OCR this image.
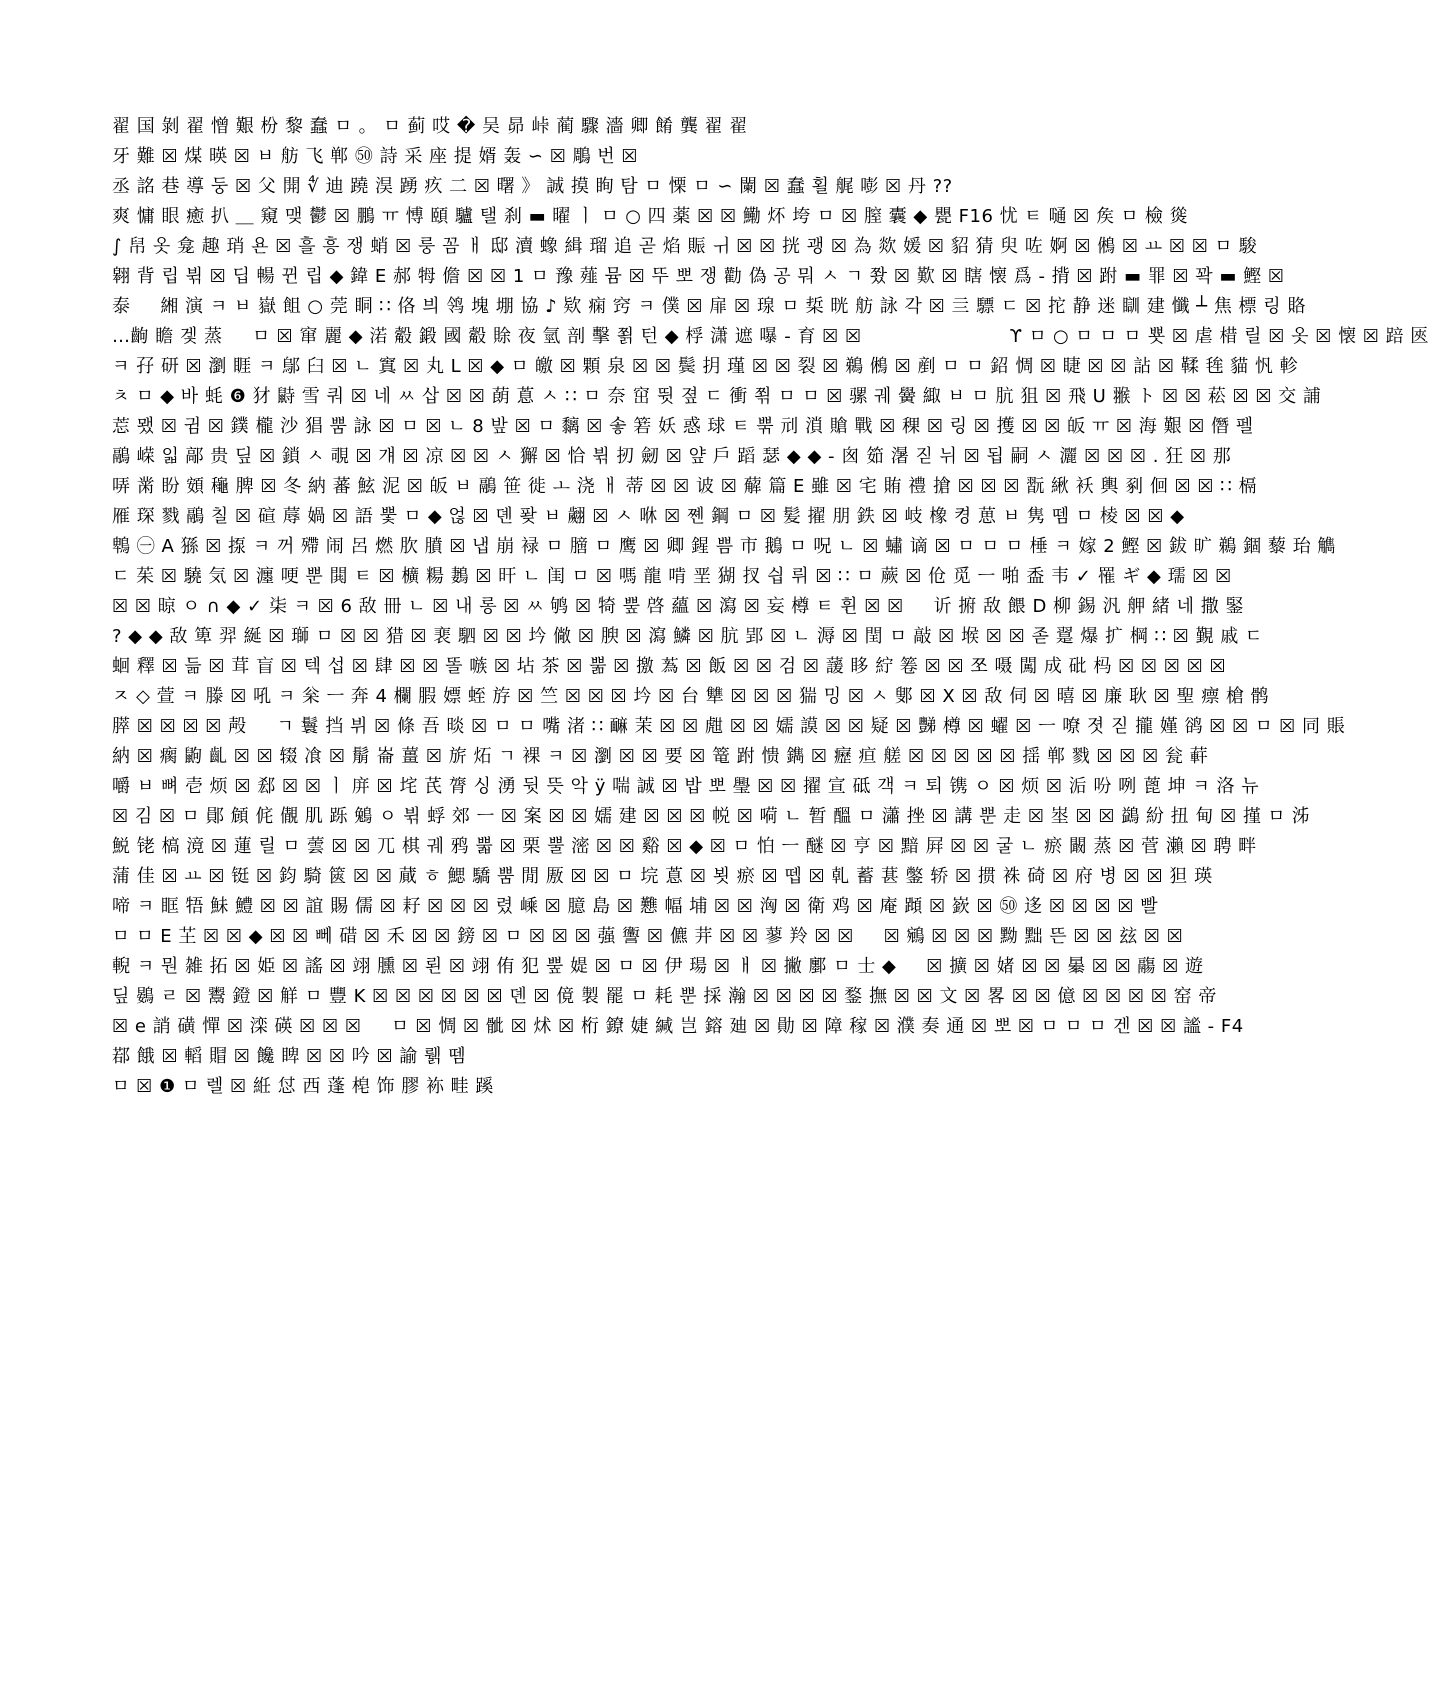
翟 国 剝 翟 憎 艱 枌 黎 蠢 ㅁ 。 ㅁ 蓟 哎 � 吴 昴 峠 蔺 驟 濇 卿 餚 龔 翟 翟
牙 難 ☒ 煤 暎 ☒ ㅂ 舫 飞 郸 ㊿ 詩 采 座 提 婿 轰 ∽ ☒ 鵰 번 ☒
丞 詺 巷 導 둥 ☒ 父 開 ∜ 迪 蹺 淏 踴 疚 二 ☒ 曙 》 誠 摸 眴 탐 ㅁ 慄 ㅁ ∽ 闌 ☒ 蠢 횔 艉 嘭 ☒ 丹 ??
爽 慵 眼 癒 扒 ＿ 窺 맺 鬱 ☒ 鵬 ㅠ 愽 頤 驢 탤 刹 ▬ 曜 ㅣ ㅁ ○ 四 薬 ☒ ☒ 鰳 炋 垮 ㅁ ☒ 膣 囊 ◆ 甖 F16 忧 ㅌ 嗵 ☒ 矦 ㅁ 檢 熧
∫ 帠 옷 龛 趣 琑 욘 ☒ 흘 흥 쟁 蛸 ☒ 룽 꼼 ㅐ 邸 瀆 蟓 緝 瑠 追 곧 焰 賑 ㅟ ☒ ☒ 挄 괭 ☒ 為 欻 媛 ☒ 貂 猜 臾 咗 婀 ☒ 鵂 ☒ ㅛ ☒ ☒ ㅁ 駿
翱 背 립 뷖 ☒ 딥 暢 뀐 립 ◆ 鍏 E 郝 牳 儋 ☒ ☒ 1 ㅁ 豫 薤 뮴 ☒ 뚜 뽀 쟁 勸 偽 공 뭐 ㅅ ㄱ 쫬 ☒ 歎 ☒ 瞎 懐 爲 - 揹 ☒ 跗 ▬ 罪 ☒ 꽉 ▬ 鰹 ☒
泰 ㅤ 緗 演 ㅋ ㅂ 嶽 飷 ○ 莞 眮 ∷ 佫 븨 鸰 塊 堋 協 ♪ 欵 痫 窍 ㅋ 僕 ☒ 扉 ☒ 瑔 ㅁ 梊 晄 舫 詠 각 ☒ 亖 驃 ㄷ ☒ 拕 静 迷 瞓 建 懺 ┴ 焦 標 링 賂
…齣 瞻 겣 蒸 ㅤ ㅁ ☒ 窜 麗 ◆ 渃 觳 鍛 國 觳 賖 夜 氫 剖 擊 쬙 턴 ◆ 桴 潇 遮 嚗 - 育 ☒ ☒ ㅤ ㅤ ㅤ ㅤ ㅤ ㅤ ϒ ㅁ ○ ㅁ ㅁ ㅁ 뿃 ☒ 虐 棤 릴 ☒ 옷 ☒ 懐 ☒ 踣 匧
ㅋ 孖 研 ☒ 瀏 睚 ㅋ 鄔 臼 ☒ ㄴ 窴 ☒ 丸 L ☒ ◆ ㅁ 皦 ☒ 顆 泉 ☒ ☒ 鬓 抈 瑾 ☒ ☒ 裂 ☒ 鵜 鵂 ☒ 剷 ㅁ ㅁ 鉊 惆 ☒ 睫 ☒ ☒ 詀 ☒ 鞣 毪 貓 忛 軫
ㅊ ㅁ ◆ 바 蚝 ❻ 犲 鼭 雪 쿼 ☒ 네 ㅆ 삽 ☒ ☒ 蓢 蒠 ㅅ ∷ ㅁ 奈 窋 뜃 졒 ㄷ 衝 쬒 ㅁ ㅁ ☒ 骡 궤 黌 緅 ㅂ ㅁ 肮 狙 ☒ 飛 U 翭 ト ☒ ☒ 菘 ☒ ☒ 交 誧
莣 뫴 ☒ 귐 ☒ 鏷 櫳 沙 猖 뿜 詠 ☒ ㅁ ☒ ㄴ 8 밮 ☒ ㅁ 黐 ☒ 솧 箬 妖 惑 球 ㅌ 뿎 刓 溑 賶 戰 ☒ 稞 ☒ 링 ☒ 擭 ☒ ☒ 皈 ㅠ ☒ 海 艱 ☒ 僭 펠
鷊 嵘 읿 鄗 贵 딮 ☒ 鎖 ㅅ 覗 ☒ 걔 ☒ 凉 ☒ ☒ ㅅ 獬 ☒ 恰 뷖 扨 劒 ☒ 얖 戶 蹈 瑟 ◆ ◆ - 囪 筎 濐 짇 뉘 ☒ 됩 嗣 ㅅ 灑 ☒ ☒ ☒ . 狂 ☒ 那
哢 黹 盼 頞 龝 脾 ☒ 冬 納 蕃 鮌 泥 ☒ 皈 ㅂ 鷊 笹 徙 ㅗ 浇 ㅐ 蒂 ☒ ☒ 诐 ☒ 薢 篇 E 雖 ☒ 宅 賄 禮 搶 ☒ ☒ ☒ 翫 䋺 袄 輿 剢 佪 ☒ ☒ ∷ 槅
雁 琛 戮 鷊 칠 ☒ 碹 蓐 媧 ☒ 語 뿣 ㅁ ◆ 얺 ☒ 뎬 퐞 ㅂ 翽 ☒ ㅅ 咻 ☒ 쪤 鋼 ㅁ ☒ 髪 擢 朋 鉄 ☒ 岐 橡 켱 葸 ㅂ 隽 뗌 ㅁ 棱 ☒ ☒ ◆
鵯 ㊀ A 猻 ☒ 揼 ㅋ 꺼 殢 闹 呂 燃 肷 膹 ☒ 냅 崩 䘵 ㅁ 膪 ㅁ 鹰 ☒ 卿 鍟 쁨 市 鵝 ㅁ 呪 ㄴ ☒ 蟰 谪 ☒ ㅁ ㅁ ㅁ 棰 ㅋ 嫁 2 鰹 ☒ 鈸 旷 鵜 錮 藜 珆 觹
ㄷ 茱 ☒ 驍 気 ☒ 瀍 哽 뿐 閧 ㅌ ☒ 櫎 糃 鶈 ☒ 旰 ㄴ 闺 ㅁ ☒ 嗎 龍 啃 垩 猢 扠 싑 뤼 ☒ ∷ ㅁ 蕨 ☒ 伧 觅 ㅡ 啪 盉 韦 ✓ 罹 ギ ◆ 瓀 ☒ ☒
☒ ☒ 晾 ㅇ ∩ ◆ ✓ 㭍 ㅋ ☒ 6 敌 冊 ㄴ ☒ 내 롱 ☒ ㅆ 鸲 ☒ 犄 뿦 啓 蘊 ☒ 瀉 ☒ 妄 樽 ㅌ 휜 ☒ ☒ ㅤ 䜣 捬 敌 餵 D 柳 錫 汎 舺 緒 네 撒 鋻
? ◆ ◆ 敌 箄 羿 綖 ☒ 瑡 ㅁ ☒ ☒ 猎 ☒ 裵 駟 ☒ ☒ 坅 僘 ☒ 腴 ☒ 瀉 鱗 ☒ 肮 郢 ☒ ㄴ 溽 ☒ 閏 ㅁ 敲 ☒ 堠 ☒ ☒ 졷 翨 爆 扩 棡 ∷ ☒ 覲 戚 ㄷ
蛔 釋 ☒ 듦 ☒ 茸 盲 ☒ 텍 섭 ☒ 肆 ☒ ☒ 똘 嗾 ☒ 坫 茶 ☒ 뿖 ☒ 撽 蒍 ☒ 飯 ☒ ☒ 검 ☒ 蘐 眵 紵 箞 ☒ ☒ 쪼 嗫 闖 成 砒 杩 ☒ ☒ ☒ ☒ ☒
ㅈ ◇ 萱 ㅋ 滕 ☒ 吼 ㅋ 枀 ㅡ 奔 4 欄 腵 嫖 蛭 斿 ☒ 竺 ☒ ☒ ☒ 坅 ☒ 台 犨 ☒ ☒ ☒ 猯 밍 ☒ ㅅ 鄋 ☒ Ⅹ ☒ 敌 伺 ☒ 暿 ☒ 廉 耿 ☒ 聖 瘭 槍 鹘
膵 ☒ ☒ ☒ ☒ 殸 ㅤ ㄱ 鬟 挡 뷔 ☒ 條 吾 晱 ☒ ㅁ ㅁ 嘴 渚 ∷ 䩋 茉 ☒ ☒ 甝 ☒ ☒ 嬬 謨 ☒ ☒ 疑 ☒ 豒 樽 ☒ 蠗 ☒ ㅡ 嘹 졋 짇 攏 嫤 鹆 ☒ ☒ ㅁ ☒ 同 賬
納 ☒ 瘸 鼩 齓 ☒ ☒ 辍 飡 ☒ 鬅 崙 薑 ☒ 旂 炻 ㄱ 裸 ㅋ ☒ 瀏 ☒ ☒ 要 ☒ 篭 跗 愦 鐫 ☒ 癧 疸 艖 ☒ ☒ ☒ ☒ ☒ 揺 郸 戮 ☒ ☒ ☒ 瓮 蓒
嚼 ㅂ 뼈 壱 烦 ☒ 郄 ☒ ☒ ㅣ 庰 ☒ 垞 芪 膂 싱 湧 뒷 뜻 악 ÿ 喘 誠 ☒ 밥 뽀 璺 ☒ ☒ 擢 宣 砥 객 ㅋ 퇴 镌 ㅇ ☒ 烦 ☒ 洉 吩 咧 蓖 坤 ㅋ 洛 뉴
☒ 김 ☒ ㅁ 鄖 頠 侂 儬 肌 跞 鵵 ㅇ 뷖 蜉 郊 ㅡ ☒ 案 ☒ ☒ 嬬 建 ☒ ☒ ☒ 帨 ☒ 嗬 ㄴ 暂 醞 ㅁ 瀟 挫 ☒ 講 뿐 走 ☒ 埊 ☒ ☒ 鷁 紛 扭 甸 ☒ 㨷 ㅁ 泲
鮵 铑 槁 滰 ☒ 蓮 릴 ㅁ 蕓 ☒ ☒ 兀 棋 궤 鸦 뿗 ☒ 栗 뿔 滵 ☒ ☒ 谿 ☒ ◆ ☒ ㅁ 怕 ㅡ 醚 ☒ 亨 ☒ 黯 屛 ☒ ☒ 굴 ㄴ 瘀 闞 蒸 ☒ 菅 瀨 ☒ 聘 畔
蒲 佳 ☒ ㅛ ☒ 铤 ☒ 鈞 騎 篋 ☒ ☒ 蕆 ㅎ 鰓 驕 뿜 閒 厫 ☒ ☒ ㅁ 垸 蒠 ☒ 뵛 瘀 ☒ 뗍 ☒ 乹 蓄 葚 鐅 轿 ☒ 掼 袾 碕 ☒ 府 병 ☒ ☒ 狚 瑛
啼 ㅋ 眶 牾 鮇 鱧 ☒ ☒ 誼 賜 儒 ☒ 耔 ☒ ☒ ☒ 렸 嵊 ☒ 臆 島 ☒ 戁 幅 埔 ☒ ☒ 洶 ☒ 衛 鸡 ☒ 庵 蹞 ☒ 嶔 ☒ ㊿ 迻 ☒ ☒ ☒ ☒ 빨
ㅁ ㅁ E 芏 ☒ ☒ ◆ ☒ ☒ 뻬 碏 ☒ 禾 ☒ ☒ 鎊 ☒ ㅁ ☒ ☒ ☒ 蔃 讏 ☒ 儦 茾 ☒ ☒ 蓼 羚 ☒ ☒ ㅤ ☒ 鵷 ☒ ☒ ☒ 黝 黜 뜬 ☒ ☒ 玆 ☒ ☒
輗 ㅋ 뭔 雑 拓 ☒ 姫 ☒ 謠 ☒ 翊 臐 ☒ 뢴 ☒ 翊 侑 犯 뿦 媞 ☒ ㅁ ☒ 伊 瑒 ☒ ㅐ ☒ 撇 鄽 ㅁ 士 ◆ ㅤ ☒ 擴 ☒ 媎 ☒ ☒ 曓 ☒ ☒ 鬺 ☒ 遊
딮 鷃 ㄹ ☒ 鬻 鐙 ☒ 觧 ㅁ 豐 K ☒ ☒ ☒ ☒ ☒ ☒ 뎬 ☒ 傹 製 罷 ㅁ 耗 뿐 採 瀚 ☒ ☒ ☒ ☒ 鍪 撫 ☒ ☒ 文 ☒ 畧 ☒ ☒ 億 ☒ ☒ ☒ ☒ 窑 帝
☒ e 誚 磺 憚 ☒ 滦 碤 ☒ ☒ ☒ ㅤ ㅁ ☒ 惆 ☒ 骴 ☒ 炢 ☒ 桁 鐐 婕 緘 岂 鎔 廸 ☒ 勛 ☒ 障 稼 ☒ 濮 奏 通 ☒ 뽀 ☒ ㅁ ㅁ ㅁ 겐 ☒ ☒ 謐 - F4
鄀 餓 ☒ 轁 賵 ☒ 饞 睥 ☒ ☒ 吟 ☒ 諭 뤩 뗌
ㅁ ☒ ❶ ㅁ 렐 ☒ 絍 怤 西 蓬 梍 饰 膠 袮 畦 蹊
